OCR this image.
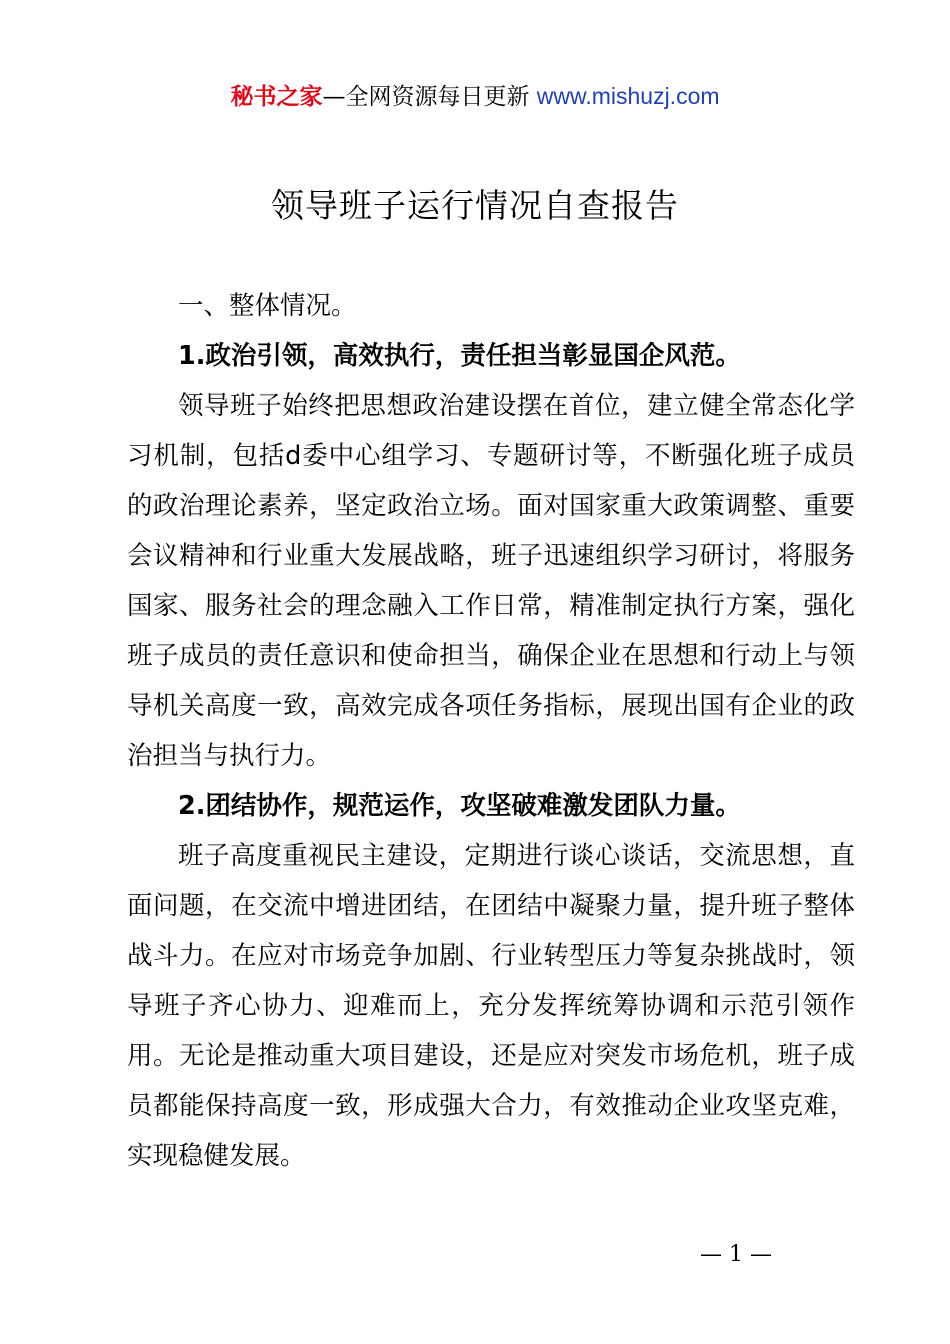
秘书之家—全网资源每日更新 www.mishuzj.com
领导班子运行情况自查报告

一、整体情况。

1.政治引领，高效执行，责任担当彰显国企风范。

领导班子始终把思想政治建设摆在首位，建立健全常态化学习机制，包括d委中心组学习、专题研讨等，不断强化班子成员的政治理论素养，坚定政治立场。面对国家重大政策调整、重要会议精神和行业重大发展战略，班子迅速组织学习研讨，将服务国家、服务社会的理念融入工作日常，精准制定执行方案，强化班子成员的责任意识和使命担当，确保企业在思想和行动上与领导机关高度一致，高效完成各项任务指标，展现出国有企业的政治担当与执行力。

2.团结协作，规范运作，攻坚破难激发团队力量。

班子高度重视民主建设，定期进行谈心谈话，交流思想，直面问题，在交流中增进团结，在团结中凝聚力量，提升班子整体战斗力。在应对市场竞争加剧、行业转型压力等复杂挑战时，领导班子齐心协力、迎难而上，充分发挥统筹协调和示范引领作用。无论是推动重大项目建设，还是应对突发市场危机，班子成员都能保持高度一致，形成强大合力，有效推动企业攻坚克难，实现稳健发展。

— 1 —
